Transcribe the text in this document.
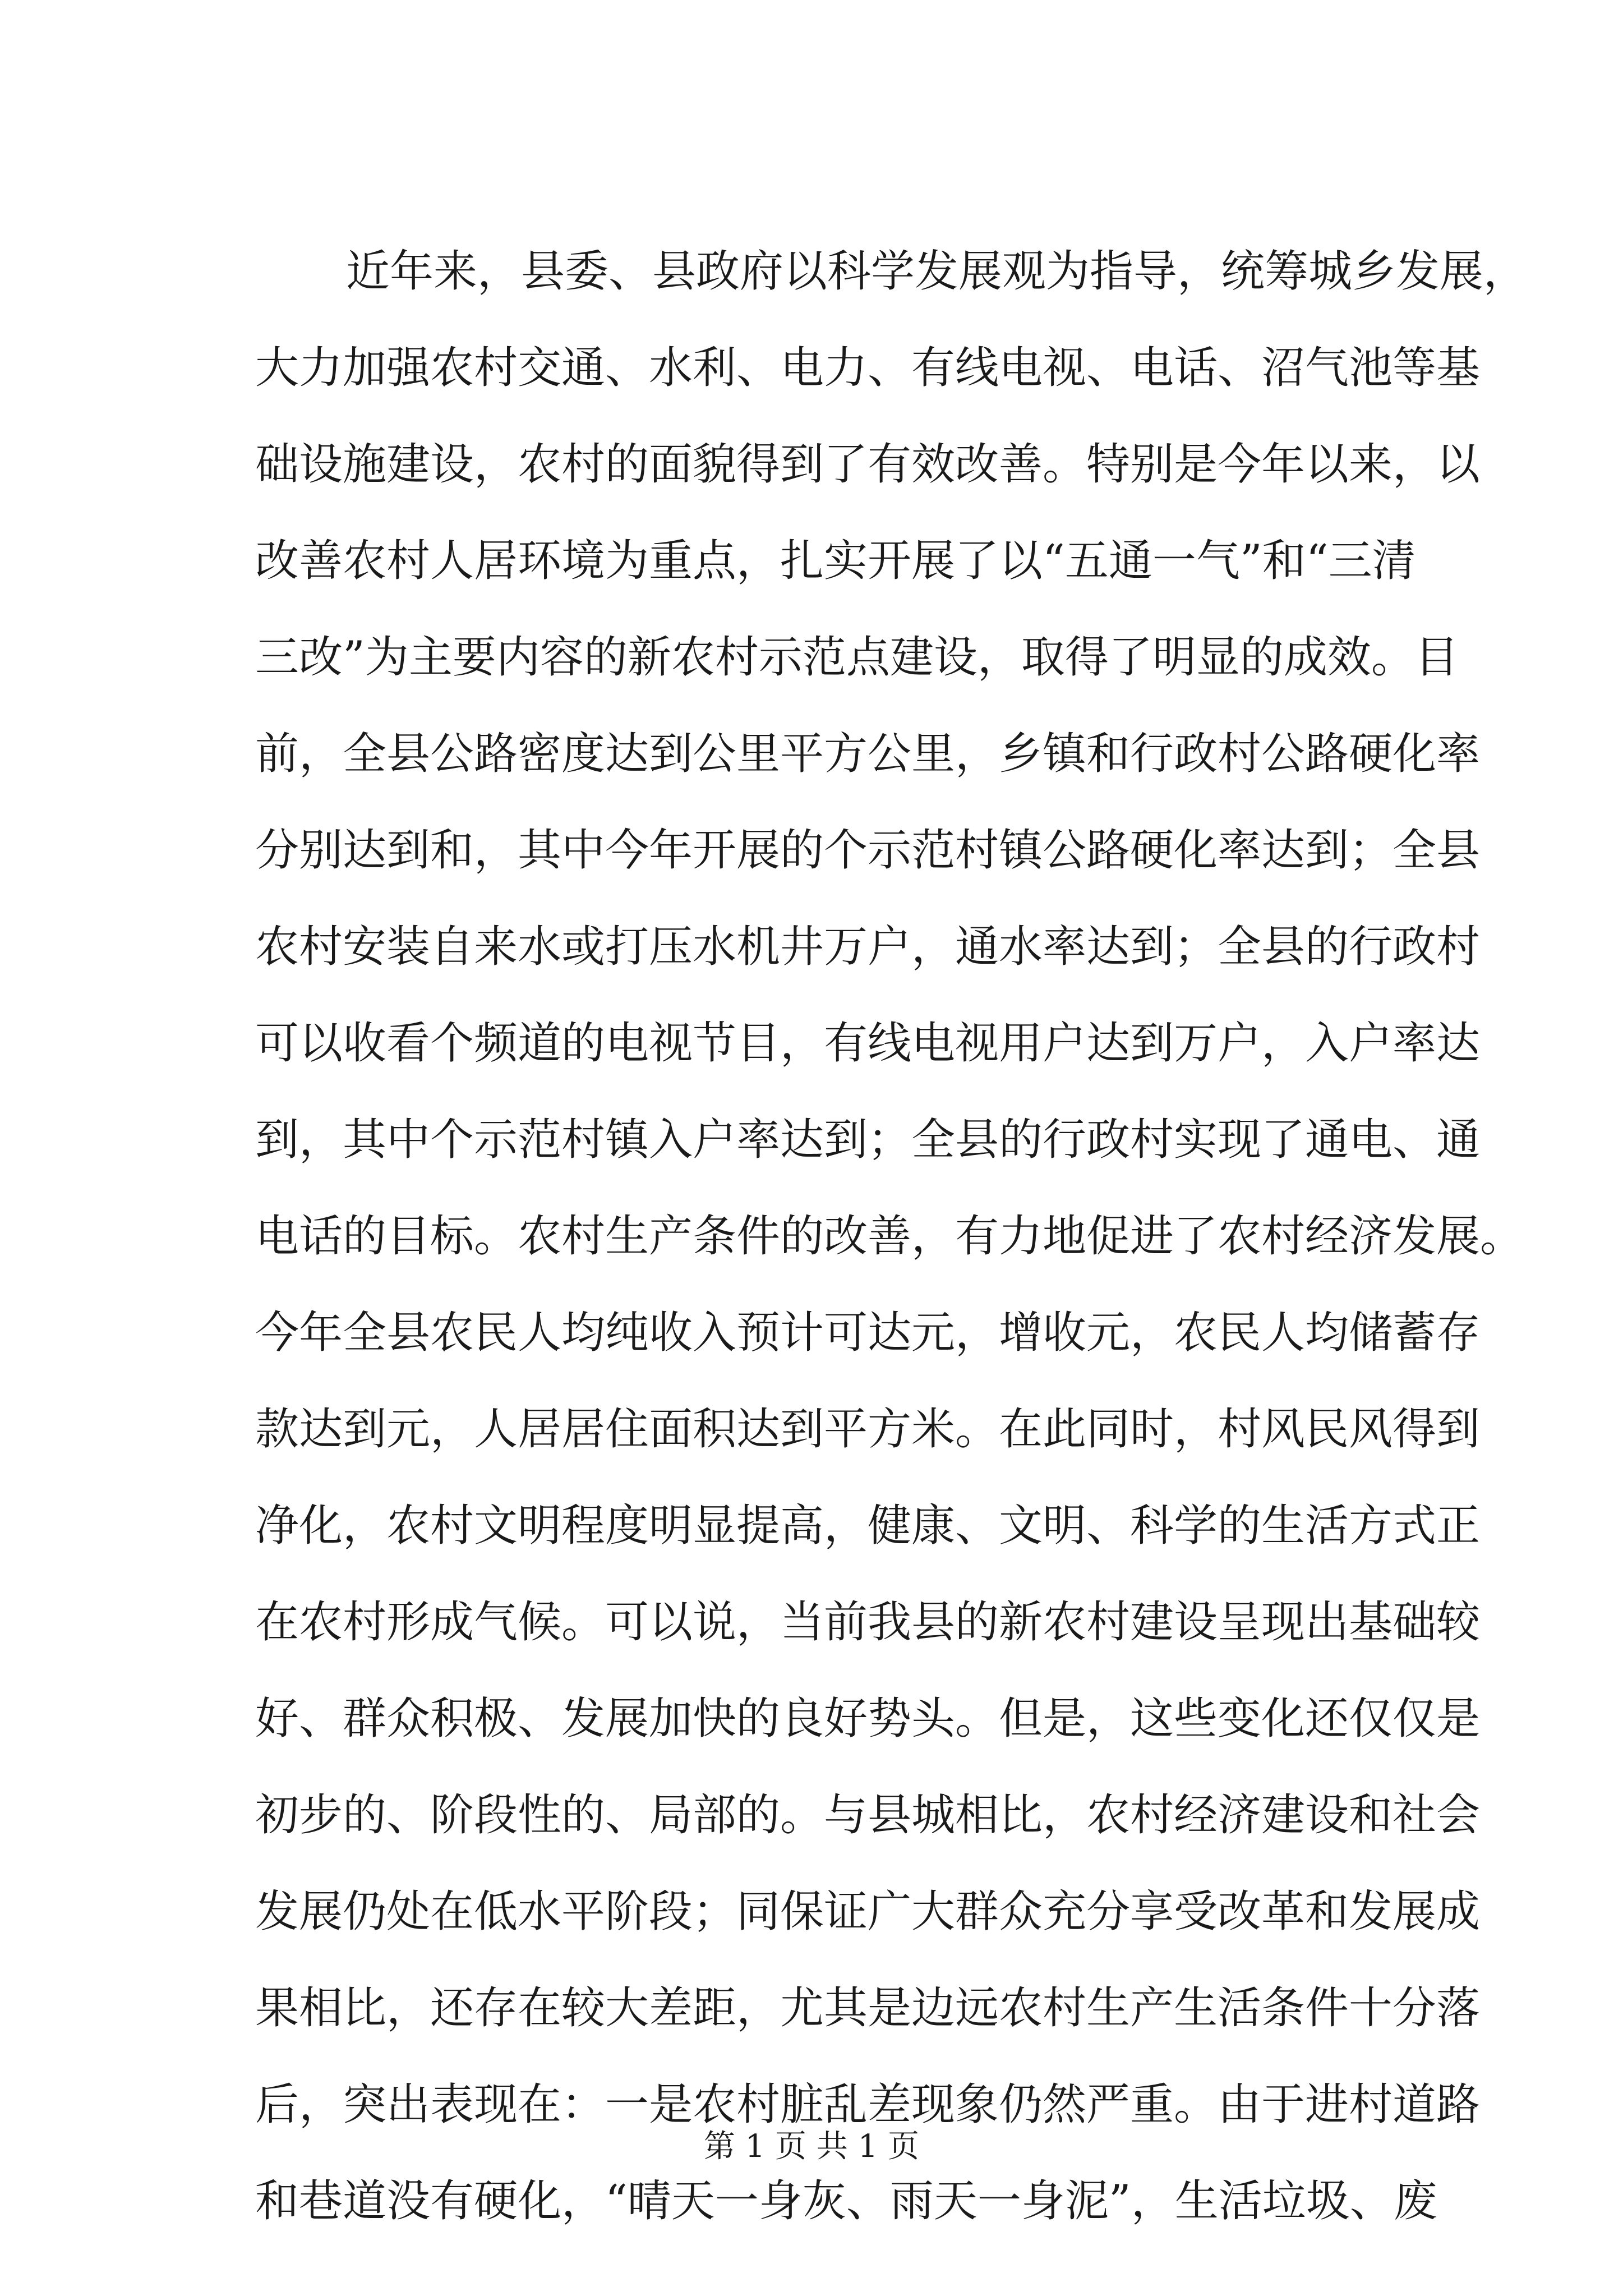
近年来，县委、县政府以科学发展观为指导，统筹城乡发展，
大力加强农村交通、水利、电力、有线电视、电话、沼气池等基
础设施建设，农村的面貌得到了有效改善。特别是今年以来，以
改善农村人居环境为重点，扎实开展了以“五通一气”和“三清
三改”为主要内容的新农村示范点建设，取得了明显的成效。目
前，全县公路密度达到公里平方公里，乡镇和行政村公路硬化率
分别达到和，其中今年开展的个示范村镇公路硬化率达到；全县
农村安装自来水或打压水机井万户，通水率达到；全县的行政村
可以收看个频道的电视节目，有线电视用户达到万户，入户率达
到，其中个示范村镇入户率达到；全县的行政村实现了通电、通
电话的目标。农村生产条件的改善，有力地促进了农村经济发展。
今年全县农民人均纯收入预计可达元，增收元，农民人均储蓄存
款达到元，人居居住面积达到平方米。在此同时，村风民风得到
净化，农村文明程度明显提高，健康、文明、科学的生活方式正
在农村形成气候。可以说，当前我县的新农村建设呈现出基础较
好、群众积极、发展加快的良好势头。但是，这些变化还仅仅是
初步的、阶段性的、局部的。与县城相比，农村经济建设和社会
发展仍处在低水平阶段；同保证广大群众充分享受改革和发展成
果相比，还存在较大差距，尤其是边远农村生产生活条件十分落
后，突出表现在：一是农村脏乱差现象仍然严重。由于进村道路
和巷道没有硬化，“晴天一身灰、雨天一身泥”，生活垃圾、废
第 1 页 共 1 页
